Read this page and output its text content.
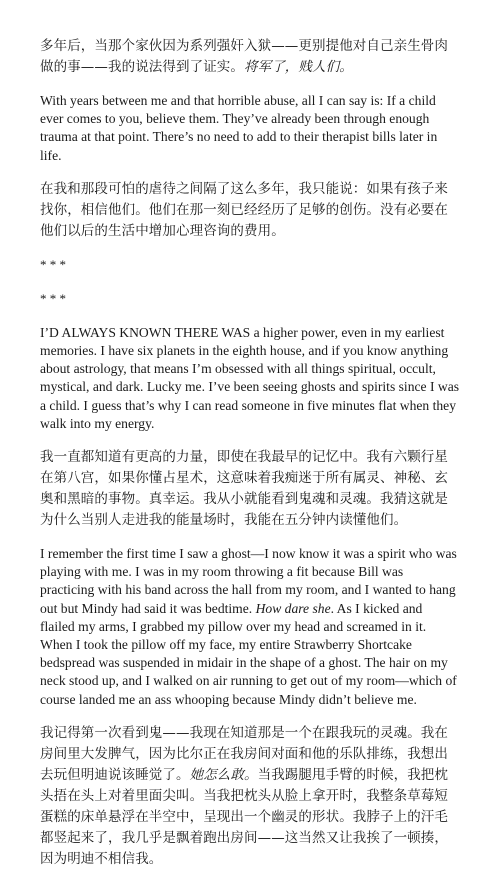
多年后，当那个家伙因为系列强奸入狱——更别提他对自己亲生骨肉做的事——我的说法得到了证实。将军了，贱人们。

With years between me and that horrible abuse, all I can say is: If a child ever comes to you, believe them. They’ve already been through enough trauma at that point. There’s no need to add to their therapist bills later in life.

在我和那段可怕的虐待之间隔了这么多年，我只能说：如果有孩子来找你，相信他们。他们在那一刻已经经历了足够的创伤。没有必要在他们以后的生活中增加心理咨询的费用。

* * *

* * *

I’D ALWAYS KNOWN THERE WAS a higher power, even in my earliest memories. I have six planets in the eighth house, and if you know anything about astrology, that means I’m obsessed with all things spiritual, occult, mystical, and dark. Lucky me. I’ve been seeing ghosts and spirits since I was a child. I guess that’s why I can read someone in five minutes flat when they walk into my energy.

我一直都知道有更高的力量，即使在我最早的记忆中。我有六颗行星在第八宫，如果你懂占星术，这意味着我痴迷于所有属灵、神秘、玄奥和黑暗的事物。真幸运。我从小就能看到鬼魂和灵魂。我猜这就是为什么当别人走进我的能量场时，我能在五分钟内读懂他们。

I remember the first time I saw a ghost—I now know it was a spirit who was playing with me. I was in my room throwing a fit because Bill was practicing with his band across the hall from my room, and I wanted to hang out but Mindy had said it was bedtime. How dare she. As I kicked and flailed my arms, I grabbed my pillow over my head and screamed in it. When I took the pillow off my face, my entire Strawberry Shortcake bedspread was suspended in midair in the shape of a ghost. The hair on my neck stood up, and I walked on air running to get out of my room—which of course landed me an ass whooping because Mindy didn’t believe me.

我记得第一次看到鬼——我现在知道那是一个在跟我玩的灵魂。我在房间里大发脾气，因为比尔正在我房间对面和他的乐队排练，我想出去玩但明迪说该睡觉了。她怎么敢。当我踢腿甩手臂的时候，我把枕头捂在头上对着里面尖叫。当我把枕头从脸上拿开时，我整条草莓短蛋糕的床单悬浮在半空中，呈现出一个幽灵的形状。我脖子上的汗毛都竖起来了，我几乎是飘着跑出房间——这当然又让我挨了一顿揍，因为明迪不相信我。
